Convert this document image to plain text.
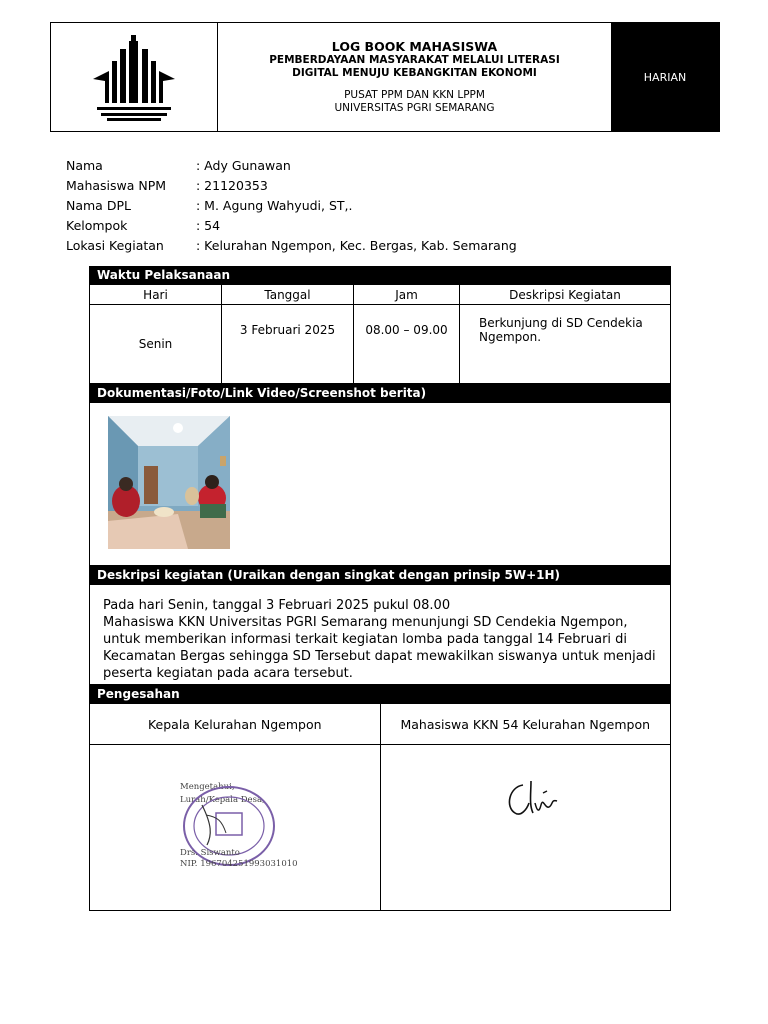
LOG BOOK MAHASISWA
PEMBERDAYAAN MASYARAKAT MELALUI LITERASI
DIGITAL MENUJU KEBANGKITAN EKONOMI
PUSAT PPM DAN KKN LPPM
UNIVERSITAS PGRI SEMARANG
HARIAN
Nama	: Ady Gunawan
Mahasiswa NPM	: 21120353
Nama DPL	: M. Agung Wahyudi, ST,.
Kelompok	: 54
Lokasi Kegiatan	: Kelurahan Ngempon, Kec. Bergas, Kab. Semarang
Waktu Pelaksanaan
Hari	Tanggal	Jam	Deskripsi Kegiatan
Senin	3 Februari 2025	08.00 – 09.00	Berkunjung di SD Cendekia Ngempon.
Dokumentasi/Foto/Link Video/Screenshot berita)
Deskripsi kegiatan (Uraikan dengan singkat dengan prinsip 5W+1H)
Pada hari Senin, tanggal 3 Februari 2025 pukul 08.00
Mahasiswa KKN Universitas PGRI Semarang menunjungi SD Cendekia Ngempon,
untuk memberikan informasi terkait kegiatan lomba pada tanggal 14 Februari di
Kecamatan Bergas sehingga SD Tersebut dapat mewakilkan siswanya untuk menjadi
peserta kegiatan pada acara tersebut.
Pengesahan
Kepala Kelurahan Ngempon	Mahasiswa KKN 54 Kelurahan Ngempon
Mengetahui,
Lurah/Kepala Desa,
Drs. Siswanto
NIP. 196704251993031010
